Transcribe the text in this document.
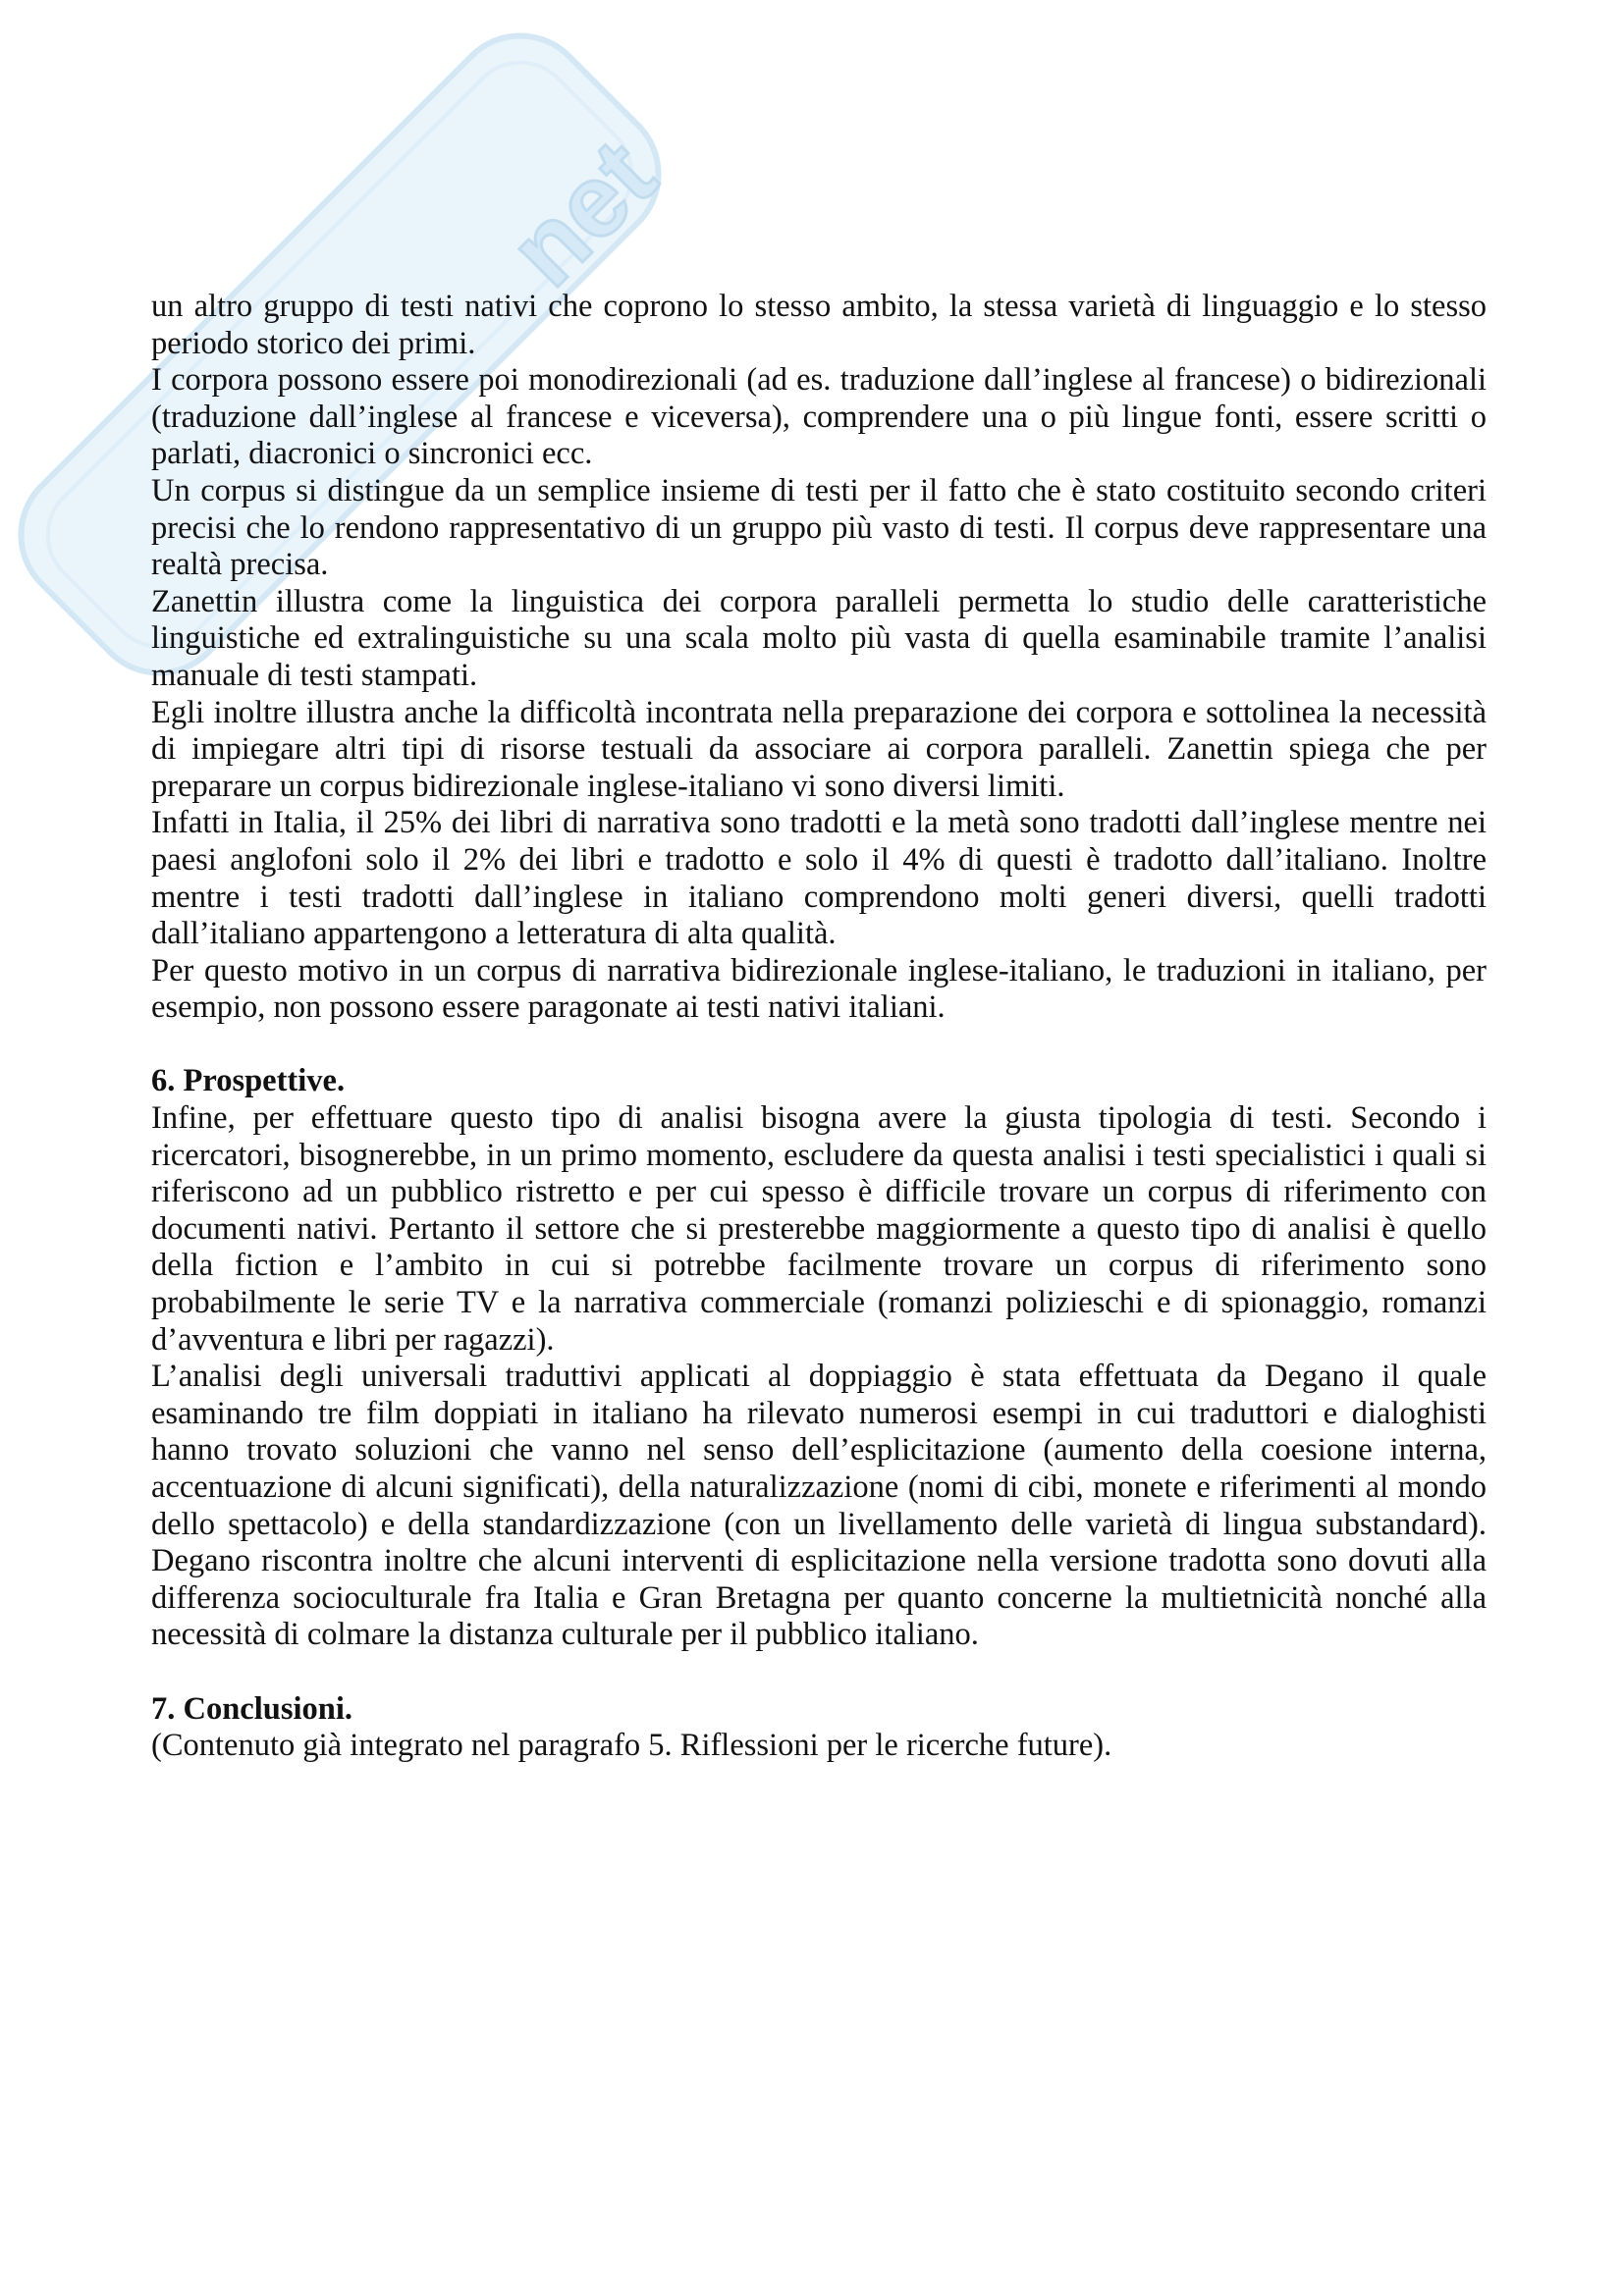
net
un altro gruppo di testi nativi che coprono lo stesso ambito, la stessa varietà di linguaggio e lo stesso
periodo storico dei primi.
I corpora possono essere poi monodirezionali (ad es. traduzione dall’inglese al francese) o bidirezionali
(traduzione dall’inglese al francese e viceversa), comprendere una o più lingue fonti, essere scritti o
parlati, diacronici o sincronici ecc.
Un corpus si distingue da un semplice insieme di testi per il fatto che è stato costituito secondo criteri
precisi che lo rendono rappresentativo di un gruppo più vasto di testi. Il corpus deve rappresentare una
realtà precisa.
Zanettin illustra come la linguistica dei corpora paralleli permetta lo studio delle caratteristiche
linguistiche ed extralinguistiche su una scala molto più vasta di quella esaminabile tramite l’analisi
manuale di testi stampati.
Egli inoltre illustra anche la difficoltà incontrata nella preparazione dei corpora e sottolinea la necessità
di impiegare altri tipi di risorse testuali da associare ai corpora paralleli. Zanettin spiega che per
preparare un corpus bidirezionale inglese-italiano vi sono diversi limiti.
Infatti in Italia, il 25% dei libri di narrativa sono tradotti e la metà sono tradotti dall’inglese mentre nei
paesi anglofoni solo il 2% dei libri e tradotto e solo il 4% di questi è tradotto dall’italiano. Inoltre
mentre i testi tradotti dall’inglese in italiano comprendono molti generi diversi, quelli tradotti
dall’italiano appartengono a letteratura di alta qualità.
Per questo motivo in un corpus di narrativa bidirezionale inglese-italiano, le traduzioni in italiano, per
esempio, non possono essere paragonate ai testi nativi italiani.
6. Prospettive.
Infine, per effettuare questo tipo di analisi bisogna avere la giusta tipologia di testi. Secondo i
ricercatori, bisognerebbe, in un primo momento, escludere da questa analisi i testi specialistici i quali si
riferiscono ad un pubblico ristretto e per cui spesso è difficile trovare un corpus di riferimento con
documenti nativi. Pertanto il settore che si presterebbe maggiormente a questo tipo di analisi è quello
della fiction e l’ambito in cui si potrebbe facilmente trovare un corpus di riferimento sono
probabilmente le serie TV e la narrativa commerciale (romanzi polizieschi e di spionaggio, romanzi
d’avventura e libri per ragazzi).
L’analisi degli universali traduttivi applicati al doppiaggio è stata effettuata da Degano il quale
esaminando tre film doppiati in italiano ha rilevato numerosi esempi in cui traduttori e dialoghisti
hanno trovato soluzioni che vanno nel senso dell’esplicitazione (aumento della coesione interna,
accentuazione di alcuni significati), della naturalizzazione (nomi di cibi, monete e riferimenti al mondo
dello spettacolo) e della standardizzazione (con un livellamento delle varietà di lingua substandard).
Degano riscontra inoltre che alcuni interventi di esplicitazione nella versione tradotta sono dovuti alla
differenza socioculturale fra Italia e Gran Bretagna per quanto concerne la multietnicità nonché alla
necessità di colmare la distanza culturale per il pubblico italiano.
7. Conclusioni.
(Contenuto già integrato nel paragrafo 5. Riflessioni per le ricerche future).
